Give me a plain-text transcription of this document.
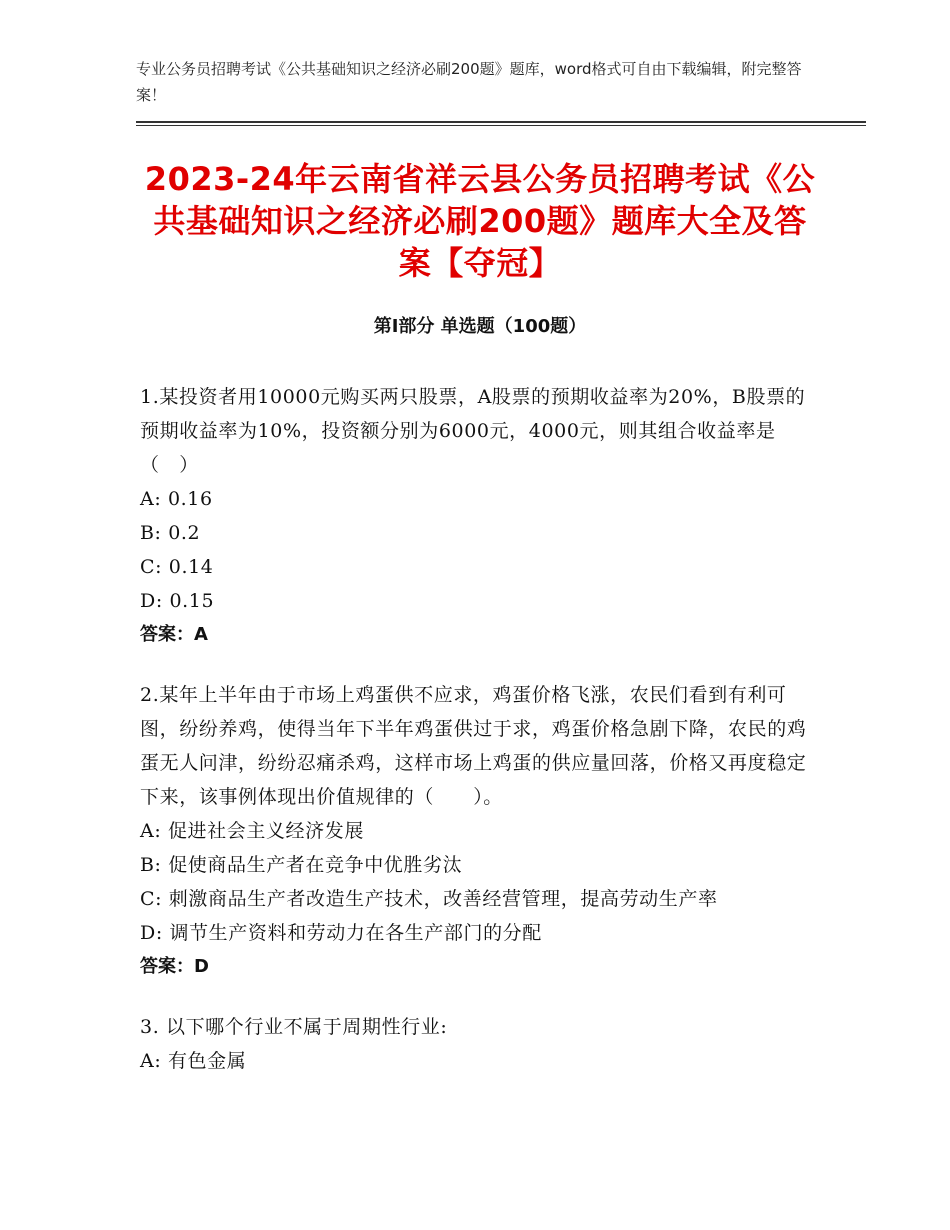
专业公务员招聘考试《公共基础知识之经济必刷200题》题库，word格式可自由下载编辑，附完整答案！
2023-24年云南省祥云县公务员招聘考试《公共基础知识之经济必刷200题》题库大全及答案【夺冠】
第Ⅰ部分 单选题（100题）
1.某投资者用10000元购买两只股票，A股票的预期收益率为20%，B股票的预期收益率为10%，投资额分别为6000元，4000元，则其组合收益率是（　）
A: 0.16
B: 0.2
C: 0.14
D: 0.15
答案：A
2.某年上半年由于市场上鸡蛋供不应求，鸡蛋价格飞涨，农民们看到有利可图，纷纷养鸡，使得当年下半年鸡蛋供过于求，鸡蛋价格急剧下降，农民的鸡蛋无人问津，纷纷忍痛杀鸡，这样市场上鸡蛋的供应量回落，价格又再度稳定下来，该事例体现出价值规律的（　　）。
A: 促进社会主义经济发展
B: 促使商品生产者在竞争中优胜劣汰
C: 刺激商品生产者改造生产技术，改善经营管理，提高劳动生产率
D: 调节生产资料和劳动力在各生产部门的分配
答案：D
3. 以下哪个行业不属于周期性行业:
A: 有色金属
